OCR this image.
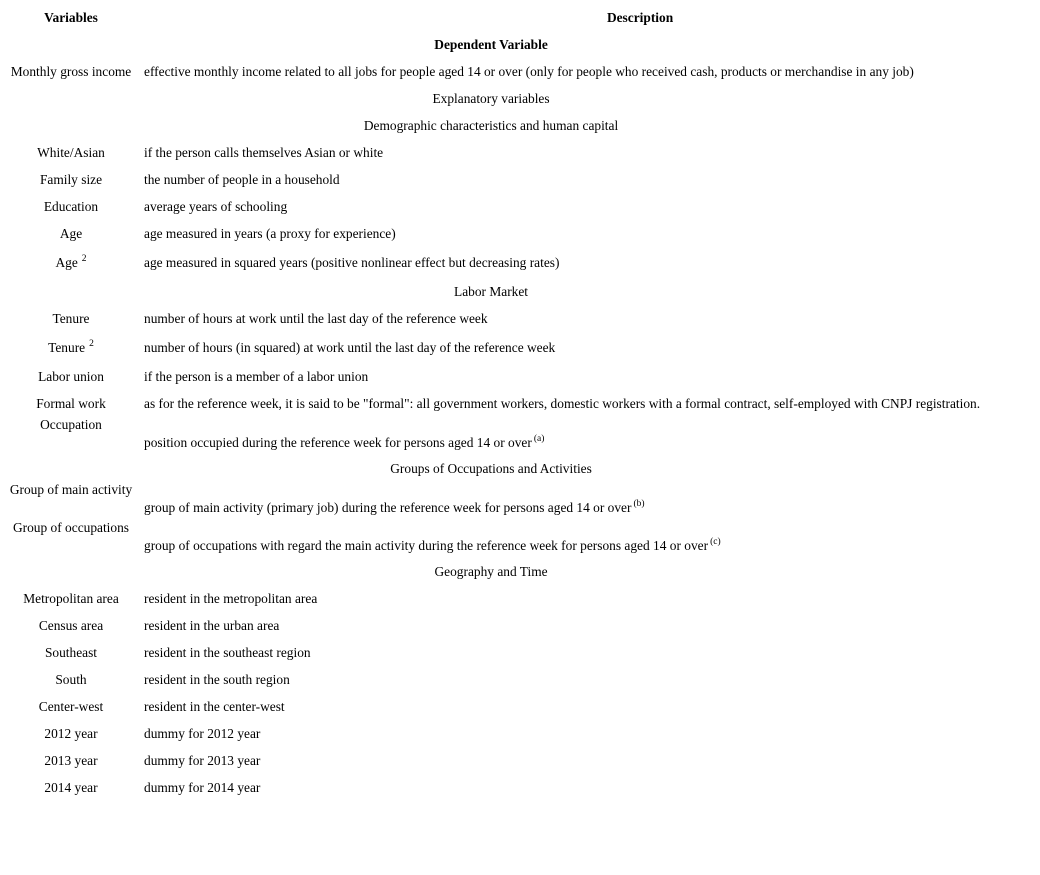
Variables	Description
Dependent Variable	
Monthly gross income	effective monthly income related to all jobs for people aged 14 or over (only for people who received cash, products or merchandise in any job)
Explanatory variables	
Demographic characteristics and human capital	
White/Asian	if the person calls themselves Asian or white
Family size	the number of people in a household
Education	average years of schooling
Age	age measured in years (a proxy for experience)
Age $^2$	age measured in squared years (positive nonlinear effect but decreasing rates)
Labor Market	
Tenure	number of hours at work until the last day of the reference week
Tenure $^2$	number of hours (in squared) at work until the last day of the reference week
Labor union	if the person is a member of a labor union
Formal work	as for the reference week, it is said to be "formal": all government workers, domestic workers with a formal contract, self-employed with CNPJ registration.
Occupation	position occupied during the reference week for persons aged 14 or over $^{(a)}$
Groups of Occupations and Activities	
Group of main activity	group of main activity (primary job) during the reference week for persons aged 14 or over $^{(b)}$
Group of occupations	group of occupations with regard the main activity during the reference week for persons aged 14 or over $^{(c)}$
Geography and Time	
Metropolitan area	resident in the metropolitan area
Census area	resident in the urban area
Southeast	resident in the southeast region
South	resident in the south region
Center-west	resident in the center-west
2012 year	dummy for 2012 year
2013 year	dummy for 2013 year
2014 year	dummy for 2014 year
